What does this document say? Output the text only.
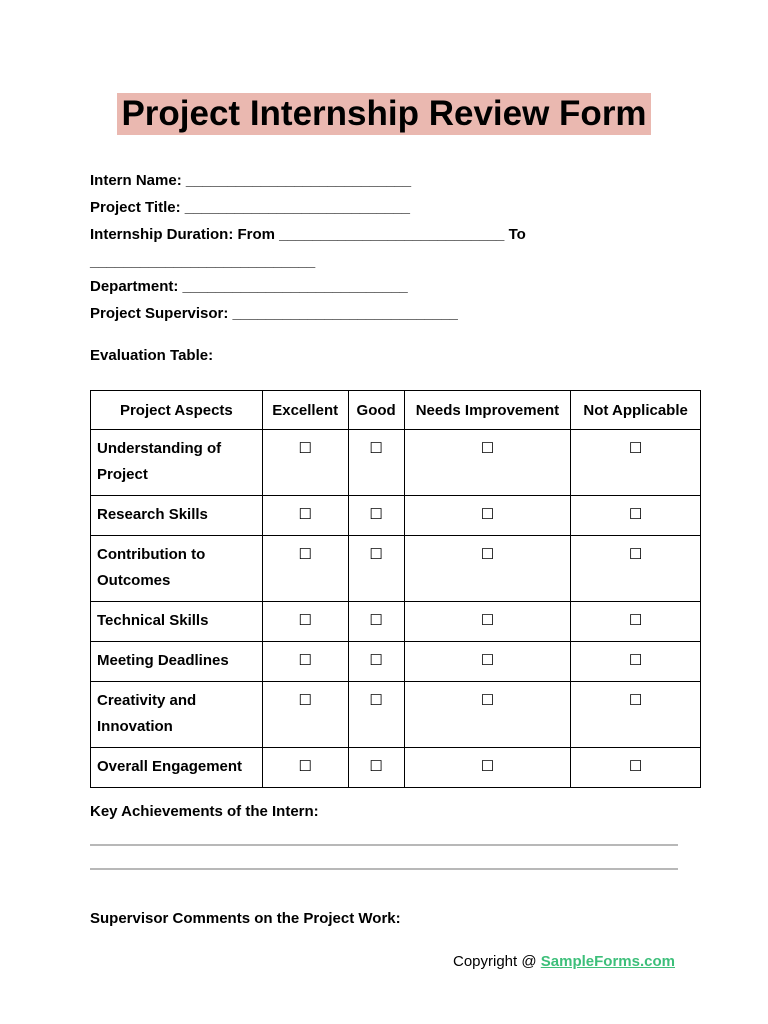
Project Internship Review Form
Intern Name: ___________________________
Project Title: ___________________________
Internship Duration: From ___________________________ To
___________________________
Department: ___________________________
Project Supervisor: ___________________________
Evaluation Table:
Project Aspects	Excellent	Good	Needs Improvement	Not Applicable
Understanding of Project	☐	☐	☐	☐
Research Skills	☐	☐	☐	☐
Contribution to Outcomes	☐	☐	☐	☐
Technical Skills	☐	☐	☐	☐
Meeting Deadlines	☐	☐	☐	☐
Creativity and Innovation	☐	☐	☐	☐
Overall Engagement	☐	☐	☐	☐
Key Achievements of the Intern:
Supervisor Comments on the Project Work:
Copyright @ SampleForms.com
